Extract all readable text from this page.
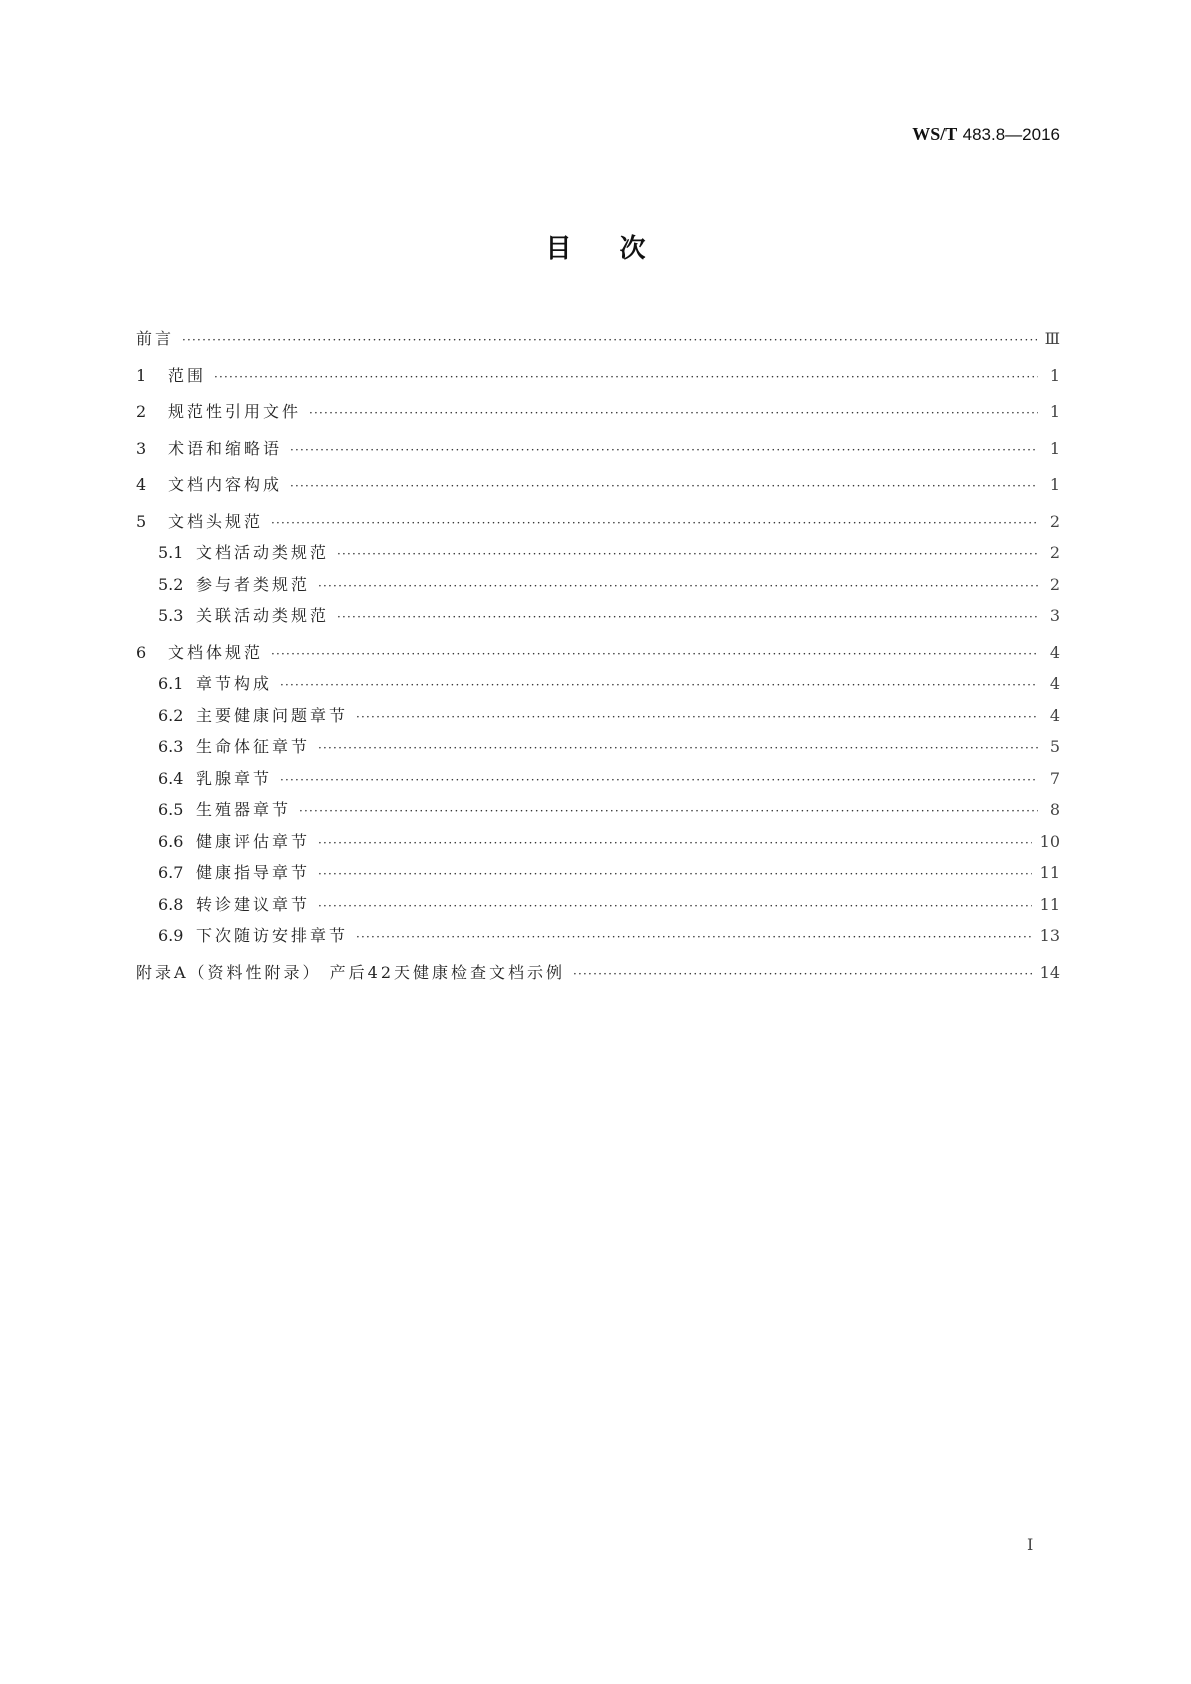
WS/T 483.8—2016
目次
前言 ·····	Ⅲ
1	范围 ·····	1
2	规范性引用文件 ·····	1
3	术语和缩略语 ·····	1
4	文档内容构成 ·····	1
5	文档头规范 ·····	2
5.1 文档活动类规范 ·····	2
5.2 参与者类规范 ·····	2
5.3 关联活动类规范 ·····	3
6	文档体规范 ·····	4
6.1 章节构成 ·····	4
6.2 主要健康问题章节 ·····	4
6.3 生命体征章节 ·····	5
6.4 乳腺章节 ·····	7
6.5 生殖器章节 ·····	8
6.6 健康评估章节 ·····	10
6.7 健康指导章节 ·····	11
6.8 转诊建议章节 ·····	11
6.9 下次随访安排章节 ·····	13
附录A（资料性附录） 产后42天健康检查文档示例 ·····	14
Ⅰ
